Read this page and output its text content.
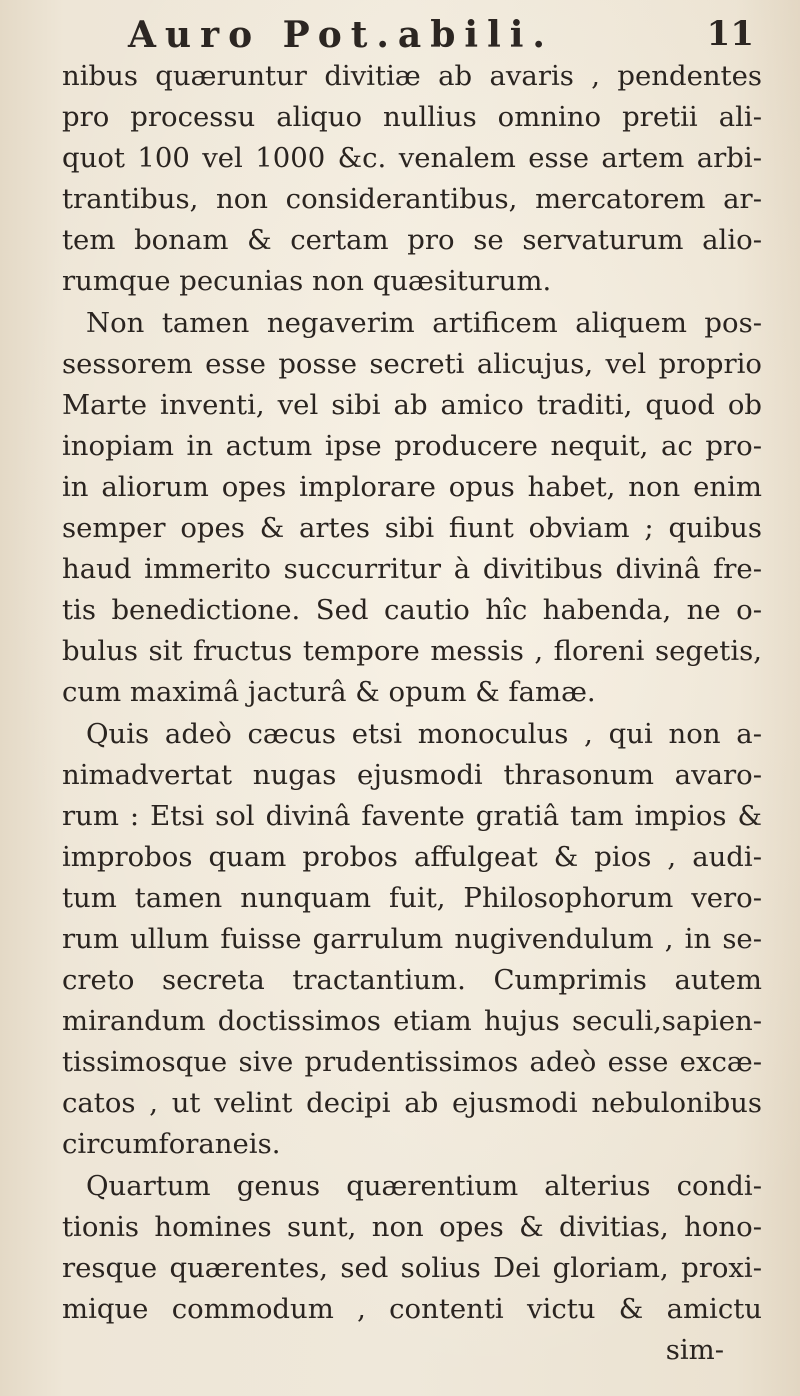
Auro Pot.abili.	11
nibus quæruntur divitiæ ab avaris , pendentes
pro processu aliquo nullius omnino pretii ali-
quot 100 vel 1000 &c. venalem esse artem arbi-
trantibus, non considerantibus, mercatorem ar-
tem bonam & certam pro se servaturum alio-
rumque pecunias non quæsiturum.
Non tamen negaverim artificem aliquem pos-
sessorem esse posse secreti alicujus, vel proprio
Marte inventi, vel sibi ab amico traditi, quod ob
inopiam in actum ipse producere nequit, ac pro-
in aliorum opes implorare opus habet, non enim
semper opes & artes sibi fiunt obviam ; quibus
haud immerito succurritur à divitibus divinâ fre-
tis benedictione. Sed cautio hîc habenda, ne o-
bulus sit fructus tempore messis , floreni segetis,
cum maximâ jacturâ & opum & famæ.
Quis adeò cæcus etsi monoculus , qui non a-
nimadvertat nugas ejusmodi thrasonum avaro-
rum : Etsi sol divinâ favente gratiâ tam impios &
improbos quam probos affulgeat & pios , audi-
tum tamen nunquam fuit, Philosophorum vero-
rum ullum fuisse garrulum nugivendulum , in se-
creto secreta tractantium. Cumprimis autem
mirandum doctissimos etiam hujus seculi,sapien-
tissimosque sive prudentissimos adeò esse excæ-
catos , ut velint decipi ab ejusmodi nebulonibus
circumforaneis.
Quartum genus quærentium alterius condi-
tionis homines sunt, non opes & divitias, hono-
resque quærentes, sed solius Dei gloriam, proxi-
mique commodum , contenti victu & amictu
sim-
